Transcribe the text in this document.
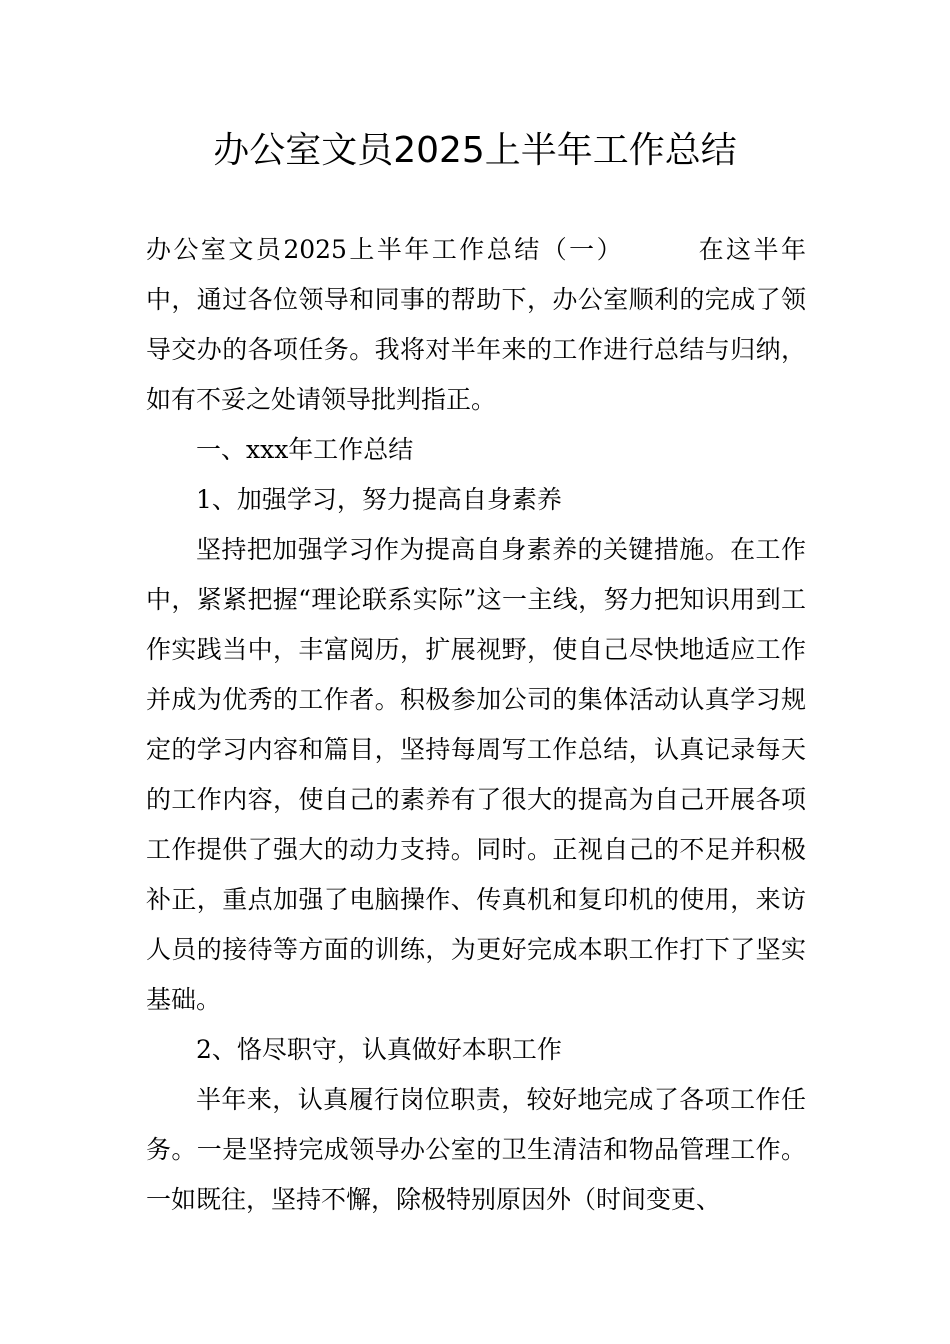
办公室文员2025上半年工作总结

办公室文员2025上半年工作总结（一）	在这半年中，通过各位领导和同事的帮助下，办公室顺利的完成了领导交办的各项任务。我将对半年来的工作进行总结与归纳，如有不妥之处请领导批判指正。

一、xxx年工作总结

1、加强学习，努力提高自身素养

坚持把加强学习作为提高自身素养的关键措施。在工作中，紧紧把握“理论联系实际”这一主线，努力把知识用到工作实践当中，丰富阅历，扩展视野，使自己尽快地适应工作并成为优秀的工作者。积极参加公司的集体活动认真学习规定的学习内容和篇目，坚持每周写工作总结，认真记录每天的工作内容，使自己的素养有了很大的提高为自己开展各项工作提供了强大的动力支持。同时。正视自己的不足并积极补正，重点加强了电脑操作、传真机和复印机的使用，来访人员的接待等方面的训练，为更好完成本职工作打下了坚实基础。

2、恪尽职守，认真做好本职工作

半年来，认真履行岗位职责，较好地完成了各项工作任务。一是坚持完成领导办公室的卫生清洁和物品管理工作。一如既往，坚持不懈，除极特别原因外（时间变更、
